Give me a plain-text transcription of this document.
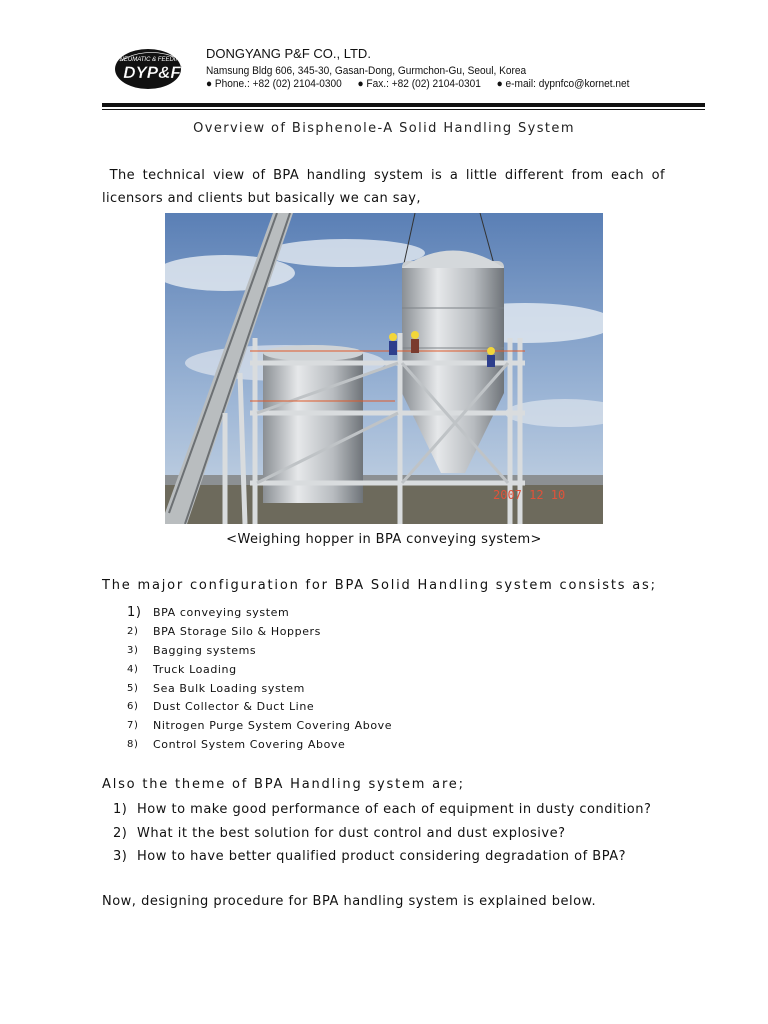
PNEUMATIC & FEEDING
DYP&F
DONGYANG P&F CO., LTD.
Namsung Bldg 606, 345-30, Gasan-Dong, Gurmchon-Gu, Seoul, Korea
● Phone.: +82 (02) 2104-0300 ● Fax.: +82 (02) 2104-0301 ● e-mail: dypnfco@kornet.net
Overview of Bisphenole-A Solid Handling System
The technical view of BPA handling system is a little different from each of licensors and clients but basically we can say,
2007 12 10
<Weighing hopper in BPA conveying system>
The major configuration for BPA Solid Handling system consists as;
1)	BPA conveying system
2)	BPA Storage Silo & Hoppers
3)	Bagging systems
4)	Truck Loading
5)	Sea Bulk Loading system
6)	Dust Collector & Duct Line
7)	Nitrogen Purge System Covering Above
8)	Control System Covering Above
Also the theme of BPA Handling system are;
1) How to make good performance of each of equipment in dusty condition?
2) What it the best solution for dust control and dust explosive?
3) How to have better qualified product considering degradation of BPA?
Now, designing procedure for BPA handling system is explained below.
